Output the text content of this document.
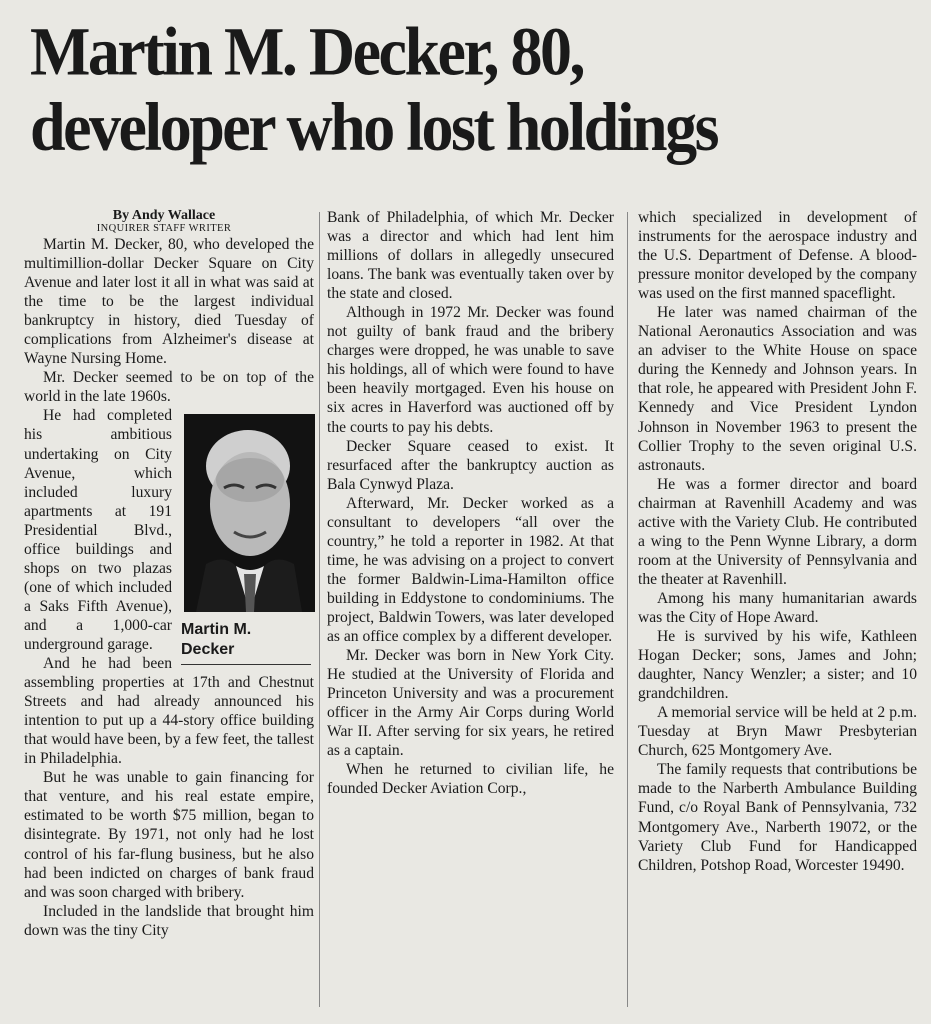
Martin M. Decker, 80,
developer who lost holdings
By Andy Wallace
INQUIRER STAFF WRITER

Martin M. Decker, 80, who developed the multimillion-dollar Decker Square on City Avenue and later lost it all in what was said at the time to be the largest individual bankruptcy in history, died Tuesday of complications from Alzheimer's disease at Wayne Nursing Home.

Mr. Decker seemed to be on top of the world in the late 1960s.

Martin M.
Decker

He had completed his ambitious undertaking on City Avenue, which included luxury apartments at 191 Presidential Blvd., office buildings and shops on two plazas (one of which included a Saks Fifth Avenue), and a 1,000-car underground garage.

And he had been assembling properties at 17th and Chestnut Streets and had already announced his intention to put up a 44-story office building that would have been, by a few feet, the tallest in Philadelphia.

But he was unable to gain financing for that venture, and his real estate empire, estimated to be worth $75 million, began to disintegrate. By 1971, not only had he lost control of his far-flung business, but he also had been indicted on charges of bank fraud and was soon charged with bribery.

Included in the landslide that brought him down was the tiny City

Bank of Philadelphia, of which Mr. Decker was a director and which had lent him millions of dollars in allegedly unsecured loans. The bank was eventually taken over by the state and closed.

Although in 1972 Mr. Decker was found not guilty of bank fraud and the bribery charges were dropped, he was unable to save his holdings, all of which were found to have been heavily mortgaged. Even his house on six acres in Haverford was auctioned off by the courts to pay his debts.

Decker Square ceased to exist. It resurfaced after the bankruptcy auction as Bala Cynwyd Plaza.

Afterward, Mr. Decker worked as a consultant to developers “all over the country,” he told a reporter in 1982. At that time, he was advising on a project to convert the former Baldwin-Lima-Hamilton office building in Eddystone to condominiums. The project, Baldwin Towers, was later developed as an office complex by a different developer.

Mr. Decker was born in New York City. He studied at the University of Florida and Princeton University and was a procurement officer in the Army Air Corps during World War II. After serving for six years, he retired as a captain.

When he returned to civilian life, he founded Decker Aviation Corp.,

which specialized in development of instruments for the aerospace industry and the U.S. Department of Defense. A blood-pressure monitor developed by the company was used on the first manned spaceflight.

He later was named chairman of the National Aeronautics Association and was an adviser to the White House on space during the Kennedy and Johnson years. In that role, he appeared with President John F. Kennedy and Vice President Lyndon Johnson in November 1963 to present the Collier Trophy to the seven original U.S. astronauts.

He was a former director and board chairman at Ravenhill Academy and was active with the Variety Club. He contributed a wing to the Penn Wynne Library, a dorm room at the University of Pennsylvania and the theater at Ravenhill.

Among his many humanitarian awards was the City of Hope Award.

He is survived by his wife, Kathleen Hogan Decker; sons, James and John; daughter, Nancy Wenzler; a sister; and 10 grandchildren.

A memorial service will be held at 2 p.m. Tuesday at Bryn Mawr Presbyterian Church, 625 Montgomery Ave.

The family requests that contributions be made to the Narberth Ambulance Building Fund, c/o Royal Bank of Pennsylvania, 732 Montgomery Ave., Narberth 19072, or the Variety Club Fund for Handicapped Children, Potshop Road, Worcester 19490.
